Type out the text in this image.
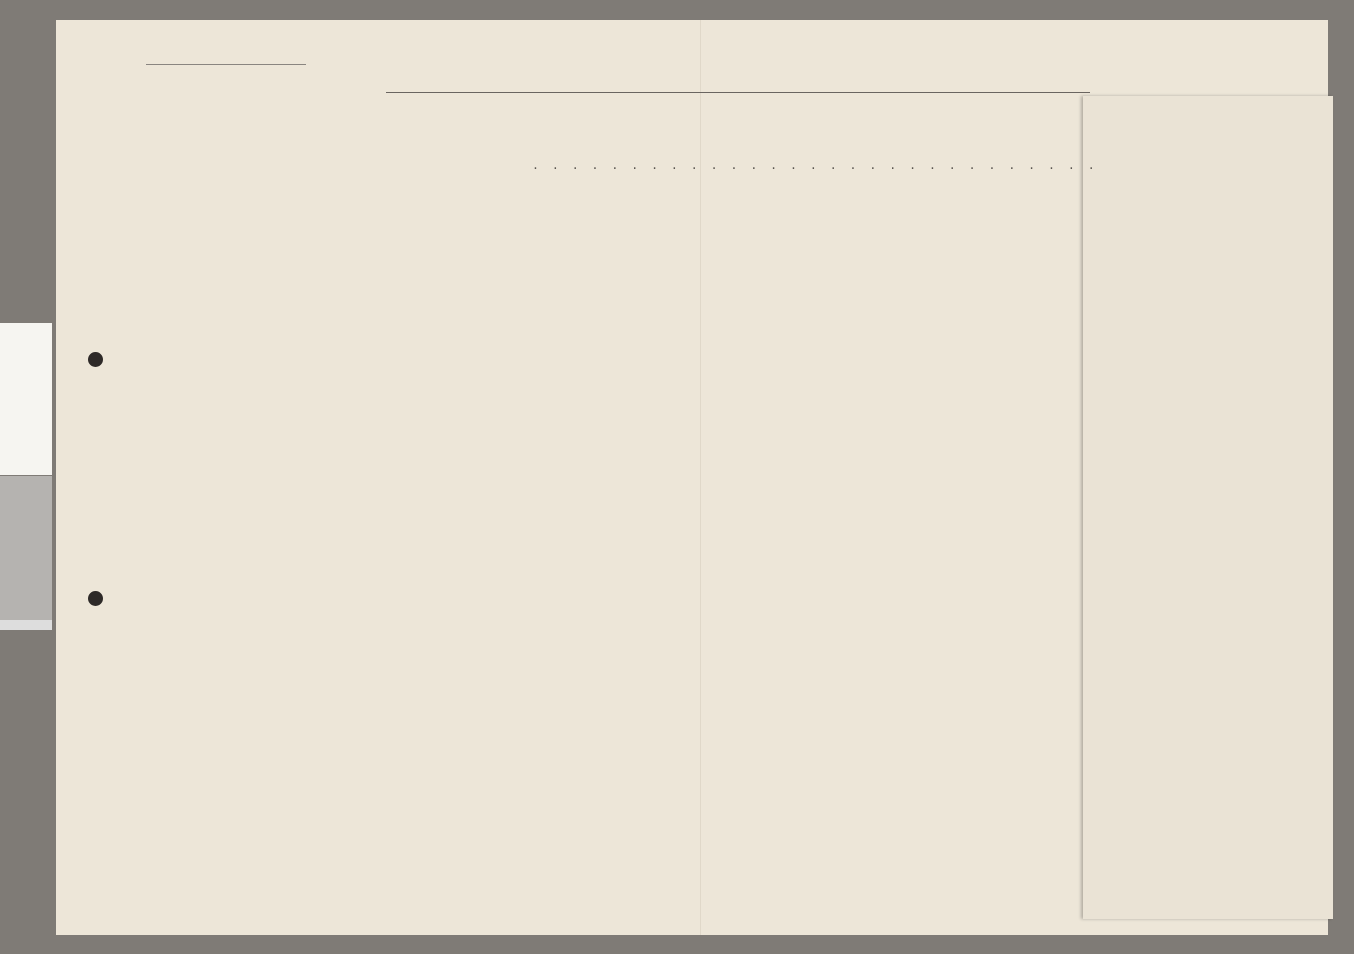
. . . . . . . . . . . . . . . . . . . . . . . . . . . . .
